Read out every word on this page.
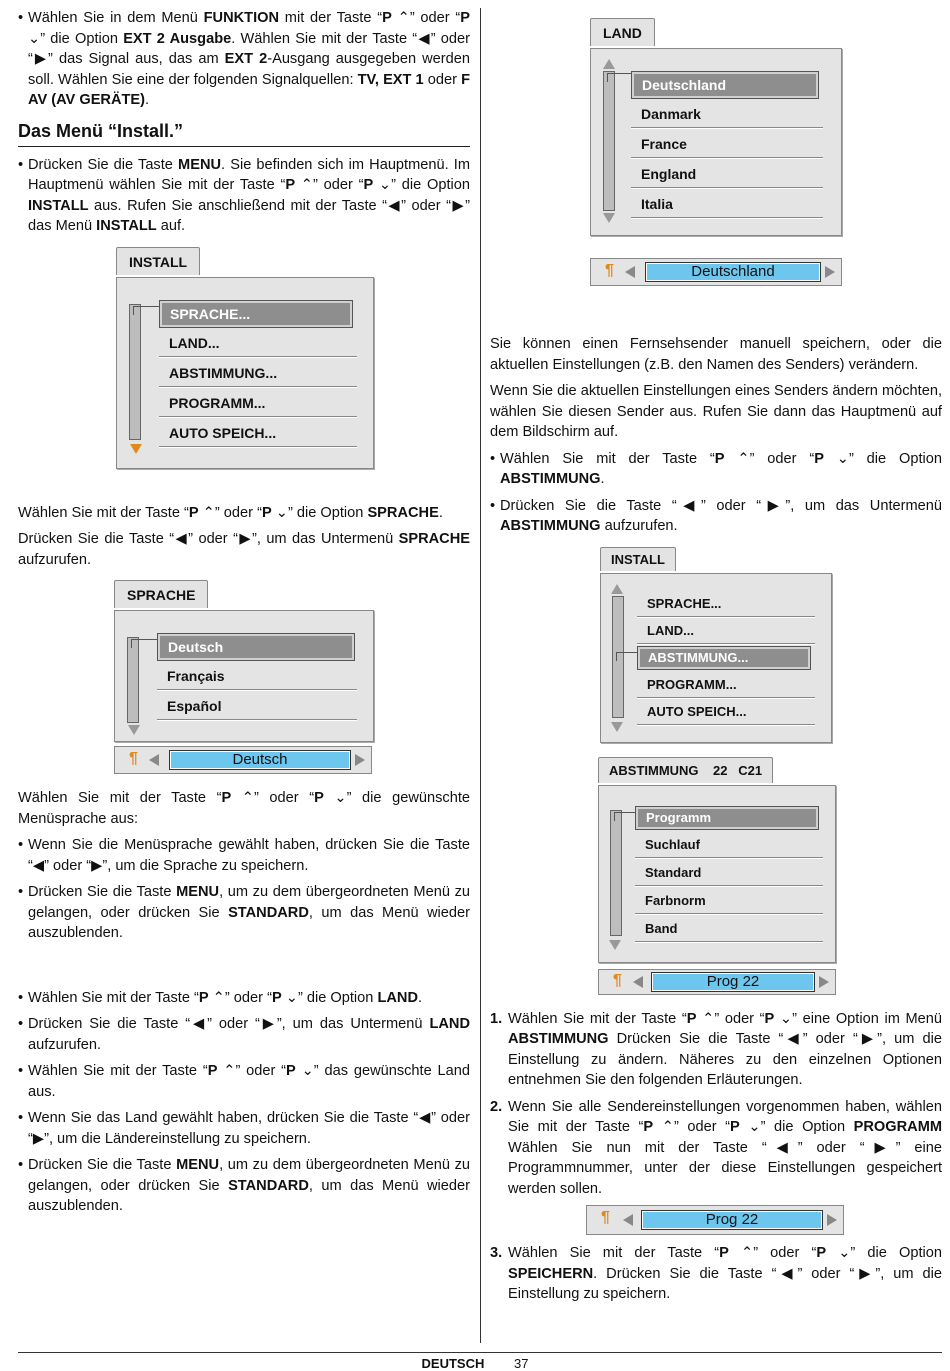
• Wählen Sie in dem Menü FUNKTION mit der Taste “P ⌃” oder “P ⌄” die Option EXT 2 Ausgabe. Wählen Sie mit der Taste “◀” oder “▶” das Signal aus, das am EXT 2-Ausgang ausgegeben werden soll. Wählen Sie eine der folgenden Signalquellen: TV, EXT 1 oder F AV (AV GERÄTE).

Das Menü “Install.”

• Drücken Sie die Taste MENU. Sie befinden sich im Hauptmenü. Im Hauptmenü wählen Sie mit der Taste “P ⌃” oder “P ⌄” die Option INSTALL aus. Rufen Sie anschließend mit der Taste “◀” oder “▶” das Menü INSTALL auf.

INSTALL
SPRACHE...
LAND...
ABSTIMMUNG...
PROGRAMM...
AUTO SPEICH...

Wählen Sie mit der Taste “P ⌃” oder “P ⌄” die Option SPRACHE.

Drücken Sie die Taste “◀” oder “▶”, um das Untermenü SPRACHE aufzurufen.

SPRACHE
Deutsch
Français
Español
¶	Deutsch

Wählen Sie mit der Taste “P ⌃” oder “P ⌄” die gewünschte Menüsprache aus:

• Wenn Sie die Menüsprache gewählt haben, drücken Sie die Taste “◀” oder “▶”, um die Sprache zu speichern.

• Drücken Sie die Taste MENU, um zu dem übergeordneten Menü zu gelangen, oder drücken Sie STANDARD, um das Menü wieder auszublenden.

• Wählen Sie mit der Taste “P ⌃” oder “P ⌄” die Option LAND.

• Drücken Sie die Taste “◀” oder “▶”, um das Untermenü LAND aufzurufen.

• Wählen Sie mit der Taste “P ⌃” oder “P ⌄” das gewünschte Land aus.

• Wenn Sie das Land gewählt haben, drücken Sie die Taste “◀” oder “▶”, um die Ländereinstellung zu speichern.

• Drücken Sie die Taste MENU, um zu dem übergeordneten Menü zu gelangen, oder drücken Sie STANDARD, um das Menü wieder auszublenden.

LAND
Deutschland
Danmark
France
England
Italia
¶	Deutschland

Sie können einen Fernsehsender manuell speichern, oder die aktuellen Einstellungen (z.B. den Namen des Senders) verändern.

Wenn Sie die aktuellen Einstellungen eines Senders ändern möchten, wählen Sie diesen Sender aus. Rufen Sie dann das Hauptmenü auf dem Bildschirm auf.

• Wählen Sie mit der Taste “P ⌃” oder “P ⌄” die Option ABSTIMMUNG.

• Drücken Sie die Taste “◀” oder “▶”, um das Untermenü ABSTIMMUNG aufzurufen.

INSTALL
SPRACHE...
LAND...
ABSTIMMUNG...
PROGRAMM...
AUTO SPEICH...
ABSTIMMUNG    22   C21
Programm
Suchlauf
Standard
Farbnorm
Band
¶	Prog 22

1. Wählen Sie mit der Taste “P ⌃” oder “P ⌄” eine Option im Menü ABSTIMMUNG Drücken Sie die Taste “◀” oder “▶”, um die Einstellung zu ändern. Näheres zu den einzelnen Optionen entnehmen Sie den folgenden Erläuterungen.

2. Wenn Sie alle Sendereinstellungen vorgenommen haben, wählen Sie mit der Taste “P ⌃” oder “P ⌄” die Option PROGRAMM Wählen Sie nun mit der Taste “◀” oder “▶” eine Programmnummer, unter der diese Einstellungen gespeichert werden sollen.

¶	Prog 22

3. Wählen Sie mit der Taste “P ⌃” oder “P ⌄” die Option SPEICHERN. Drücken Sie die Taste “◀” oder “▶”, um die Einstellung zu speichern.

DEUTSCH 37
